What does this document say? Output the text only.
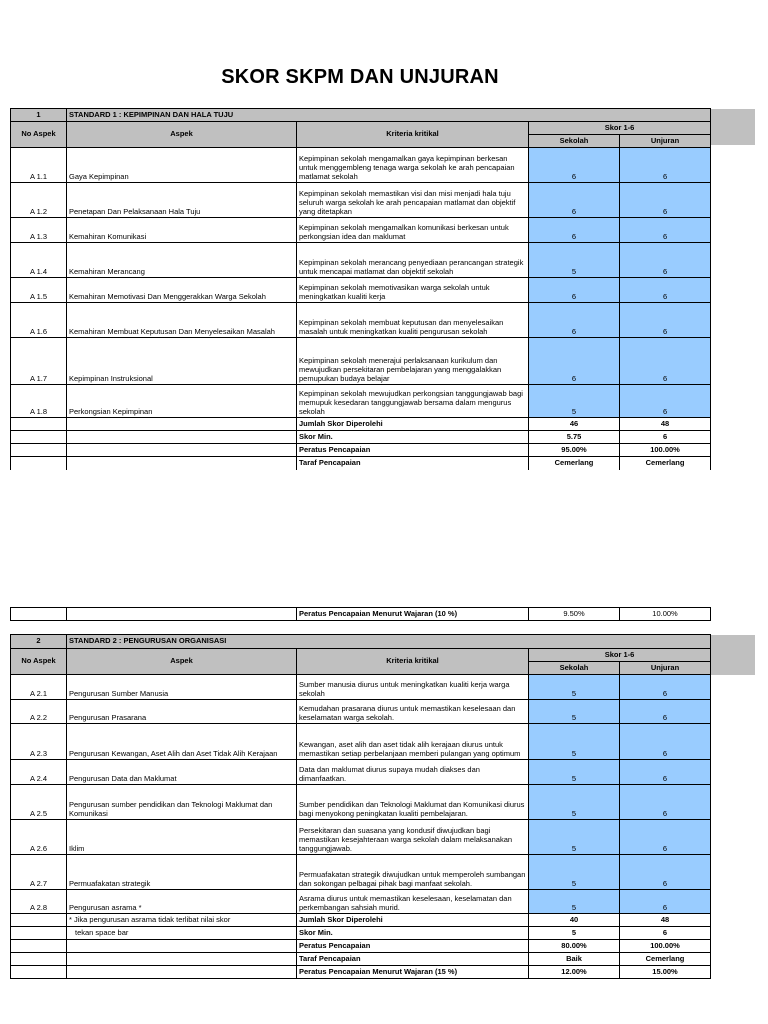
SKOR SKPM DAN UNJURAN
1	STANDARD 1 : KEPIMPINAN DAN HALA TUJU			
No Aspek	Aspek	Kriteria kritikal	Skor 1-6	
			Sekolah	Unjuran
A 1.1	Gaya Kepimpinan	Kepimpinan sekolah mengamalkan gaya kepimpinan berkesan untuk menggembleng tenaga warga sekolah ke arah pencapaian matlamat sekolah	6	6
A 1.2	Penetapan Dan Pelaksanaan Hala Tuju	Kepimpinan sekolah memastikan visi dan misi menjadi hala tuju seluruh warga sekolah ke arah pencapaian matlamat dan objektif yang ditetapkan	6	6
A 1.3	Kemahiran Komunikasi	Kepimpinan sekolah mengamalkan komunikasi berkesan untuk perkongsian idea dan maklumat	6	6
A 1.4	Kemahiran Merancang	Kepimpinan sekolah merancang penyediaan perancangan strategik untuk mencapai matlamat dan objektif sekolah	5	6
A 1.5	Kemahiran Memotivasi Dan Menggerakkan Warga Sekolah	Kepimpinan sekolah memotivasikan warga sekolah untuk meningkatkan kualiti kerja	6	6
A 1.6	Kemahiran Membuat Keputusan Dan Menyelesaikan Masalah	Kepimpinan sekolah membuat keputusan dan menyelesaikan masalah untuk meningkatkan kualiti pengurusan sekolah	6	6
A 1.7	Kepimpinan Instruksional	Kepimpinan sekolah menerajui perlaksanaan kurikulum dan mewujudkan persekitaran pembelajaran yang menggalakkan pemupukan budaya belajar	6	6
A 1.8	Perkongsian Kepimpinan	Kepimpinan sekolah mewujudkan perkongsian tanggungjawab bagi memupuk kesedaran tanggungjawab bersama dalam mengurus sekolah	5	6
		Jumlah Skor Diperolehi	46	48
		Skor Min.	5.75	6
		Peratus Pencapaian	95.00%	100.00%
		Taraf Pencapaian	Cemerlang	Cemerlang
		Peratus Pencapaian Menurut Wajaran (10 %)	9.50%	10.00%
2	STANDARD 2 : PENGURUSAN ORGANISASI			
No Aspek	Aspek	Kriteria kritikal	Skor 1-6	
			Sekolah	Unjuran
A 2.1	Pengurusan Sumber Manusia	Sumber manusia diurus untuk meningkatkan kualiti kerja warga sekolah	5	6
A 2.2	Pengurusan Prasarana	Kemudahan prasarana diurus untuk memastikan keselesaan dan keselamatan warga sekolah.	5	6
A 2.3	Pengurusan Kewangan, Aset Alih dan Aset Tidak Alih Kerajaan	Kewangan, aset alih dan aset tidak alih kerajaan diurus untuk memastikan setiap perbelanjaan memberi pulangan yang optimum	5	6
A 2.4	Pengurusan Data dan Maklumat	Data dan maklumat diurus supaya mudah diakses dan dimanfaatkan.	5	6
A 2.5	Pengurusan sumber pendidikan dan Teknologi Maklumat dan Komunikasi	Sumber pendidikan dan Teknologi Maklumat dan Komunikasi diurus bagi menyokong peningkatan kualiti pembelajaran.	5	6
A 2.6	Iklim	Persekitaran dan suasana yang kondusif diwujudkan bagi memastikan kesejahteraan warga sekolah dalam melaksanakan tanggungjawab.	5	6
A 2.7	Permuafakatan strategik	Permuafakatan strategik diwujudkan untuk memperoleh sumbangan dan sokongan pelbagai pihak bagi manfaat sekolah.	5	6
A 2.8	Pengurusan asrama *	Asrama diurus untuk memastikan keselesaan, keselamatan dan perkembangan sahsiah murid.	5	6
	* Jika pengurusan asrama tidak terlibat nilai skor	Jumlah Skor Diperolehi	40	48
	tekan space bar	Skor Min.	5	6
		Peratus Pencapaian	80.00%	100.00%
		Taraf Pencapaian	Baik	Cemerlang
		Peratus Pencapaian Menurut Wajaran (15 %)	12.00%	15.00%
